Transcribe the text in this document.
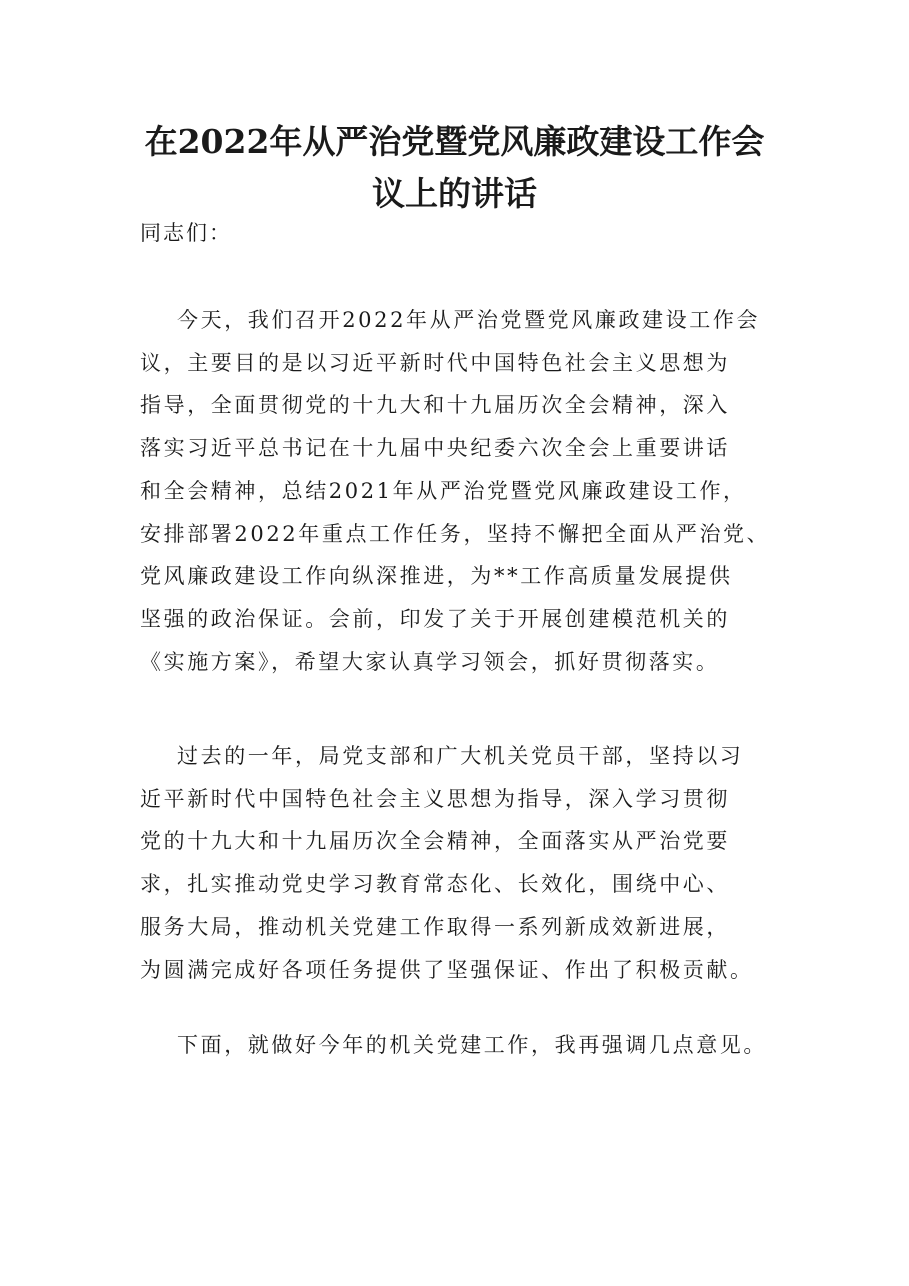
在2022年从严治党暨党风廉政建设工作会
议上的讲话

同志们：

今天，我们召开2022年从严治党暨党风廉政建设工作会
议，主要目的是以习近平新时代中国特色社会主义思想为
指导，全面贯彻党的十九大和十九届历次全会精神，深入
落实习近平总书记在十九届中央纪委六次全会上重要讲话
和全会精神，总结2021年从严治党暨党风廉政建设工作，
安排部署2022年重点工作任务，坚持不懈把全面从严治党、
党风廉政建设工作向纵深推进，为**工作高质量发展提供
坚强的政治保证。会前，印发了关于开展创建模范机关的
《实施方案》，希望大家认真学习领会，抓好贯彻落实。

过去的一年，局党支部和广大机关党员干部，坚持以习
近平新时代中国特色社会主义思想为指导，深入学习贯彻
党的十九大和十九届历次全会精神，全面落实从严治党要
求，扎实推动党史学习教育常态化、长效化，围绕中心、
服务大局，推动机关党建工作取得一系列新成效新进展，
为圆满完成好各项任务提供了坚强保证、作出了积极贡献。

下面，就做好今年的机关党建工作，我再强调几点意见。
